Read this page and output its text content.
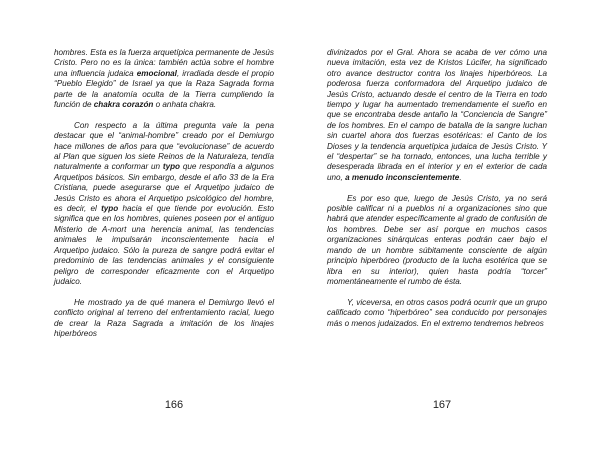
hombres. Esta es la fuerza arquetípica permanente de Jesús Cristo. Pero no es la única: también actúa sobre el hombre una influencia judaica emocional, irradiada desde el propio “Pueblo Elegido” de Israel ya que la Raza Sagrada forma parte de la anatomía oculta de la Tierra cumpliendo la función de chakra corazón o anhata chakra.

Con respecto a la última pregunta vale la pena destacar que el “animal-hombre” creado por el Demiurgo hace millones de años para que “evolucionase” de acuerdo al Plan que siguen los siete Reinos de la Naturaleza, tendía naturalmente a conformar un typo que respondía a algunos Arquetipos básicos. Sin embargo, desde el año 33 de la Era Cristiana, puede asegurarse que el Arquetipo judaico de Jesús Cristo es ahora el Arquetipo psicológico del hombre, es decir, el typo hacia el que tiende por evolución. Esto significa que en los hombres, quienes poseen por el antiguo Misterio de A-mort una herencia animal, las tendencias animales le impulsarán inconscientemente hacia el Arquetipo judaico. Sólo la pureza de sangre podrá evitar el predominio de las tendencias animales y el consiguiente peligro de corresponder eficazmente con el Arquetipo judaico.

He mostrado ya de qué manera el Demiurgo llevó el conflicto original al terreno del enfrentamiento racial, luego de crear la Raza Sagrada a imitación de los linajes hiperbóreos

166

divinizados por el Gral. Ahora se acaba de ver cómo una nueva imitación, esta vez de Kristos Lúcifer, ha significado otro avance destructor contra los linajes hiperbóreos. La poderosa fuerza conformadora del Arquetipo judaico de Jesús Cristo, actuando desde el centro de la Tierra en todo tiempo y lugar ha aumentado tremendamente el sueño en que se encontraba desde antaño la “Conciencia de Sangre” de los hombres. En el campo de batalla de la sangre luchan sin cuartel ahora dos fuerzas esotéricas: el Canto de los Dioses y la tendencia arquetípica judaica de Jesús Cristo. Y el “despertar” se ha tornado, entonces, una lucha terrible y desesperada librada en el interior y en el exterior de cada uno, a menudo inconscientemente.

Es por eso que, luego de Jesús Cristo, ya no será posible calificar ni a pueblos ni a organizaciones sino que habrá que atender específicamente al grado de confusión de los hombres. Debe ser así porque en muchos casos organizaciones sinárquicas enteras podrán caer bajo el mando de un hombre súbitamente consciente de algún principio hiperbóreo (producto de la lucha esotérica que se libra en su interior), quien hasta podría “torcer” momentáneamente el rumbo de ésta.

Y, viceversa, en otros casos podrá ocurrir que un grupo calificado como “hiperbóreo” sea conducido por personajes más o menos judaizados. En el extremo tendremos hebreos

167
